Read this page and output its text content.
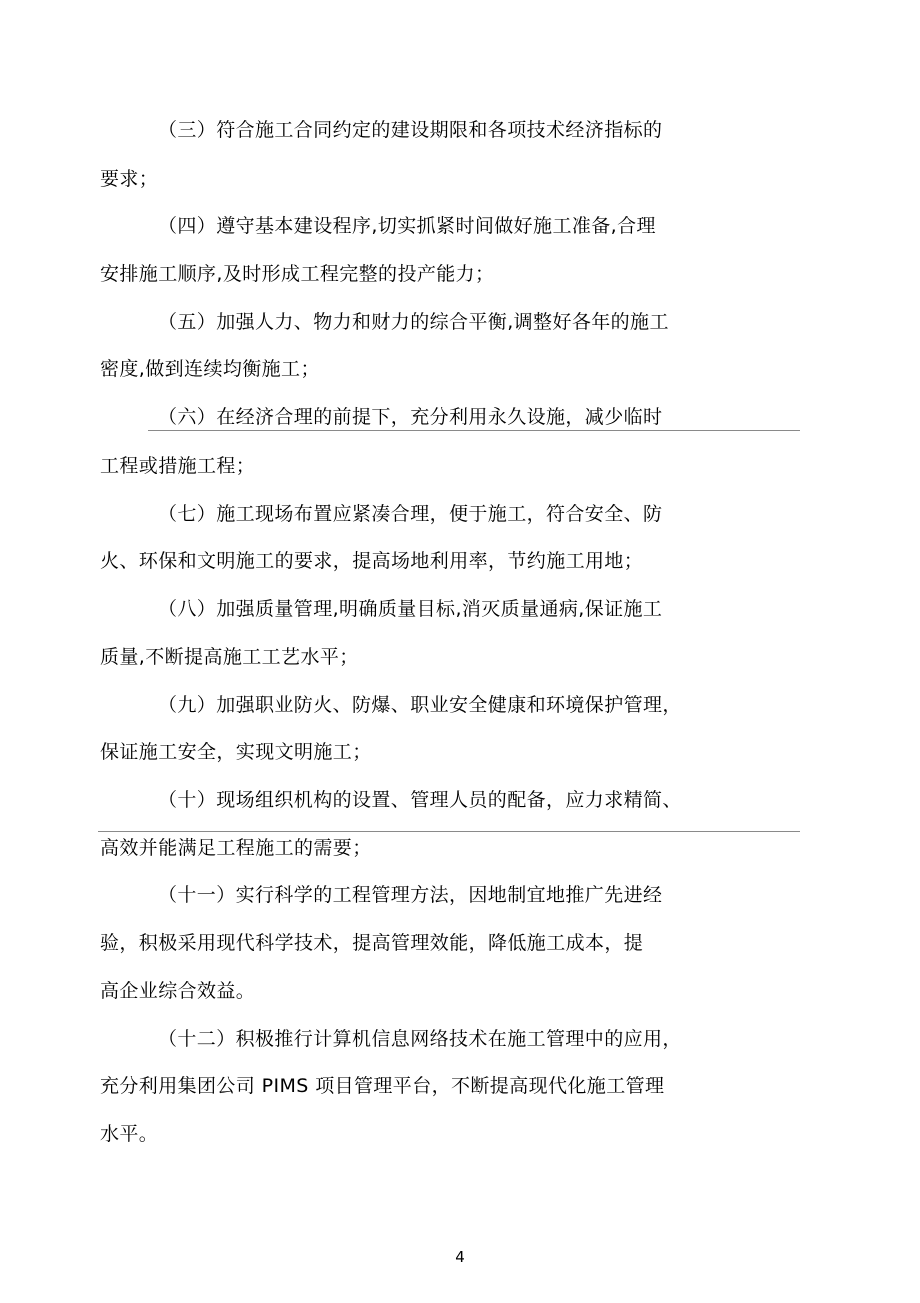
（三）符合施工合同约定的建设期限和各项技术经济指标的
要求；
（四）遵守基本建设程序,切实抓紧时间做好施工准备,合理
安排施工顺序,及时形成工程完整的投产能力；
（五）加强人力、物力和财力的综合平衡,调整好各年的施工
密度,做到连续均衡施工；
（六）在经济合理的前提下，充分利用永久设施，减少临时
工程或措施工程；
（七）施工现场布置应紧凑合理，便于施工，符合安全、防
火、环保和文明施工的要求，提高场地利用率，节约施工用地；
（八）加强质量管理,明确质量目标,消灭质量通病,保证施工
质量,不断提高施工工艺水平；
（九）加强职业防火、防爆、职业安全健康和环境保护管理，
保证施工安全，实现文明施工；
（十）现场组织机构的设置、管理人员的配备，应力求精简、
高效并能满足工程施工的需要；
（十一）实行科学的工程管理方法，因地制宜地推广先进经
验，积极采用现代科学技术，提高管理效能，降低施工成本，提
高企业综合效益。
（十二）积极推行计算机信息网络技术在施工管理中的应用，
充分利用集团公司 PIMS 项目管理平台，不断提高现代化施工管理
水平。
4
